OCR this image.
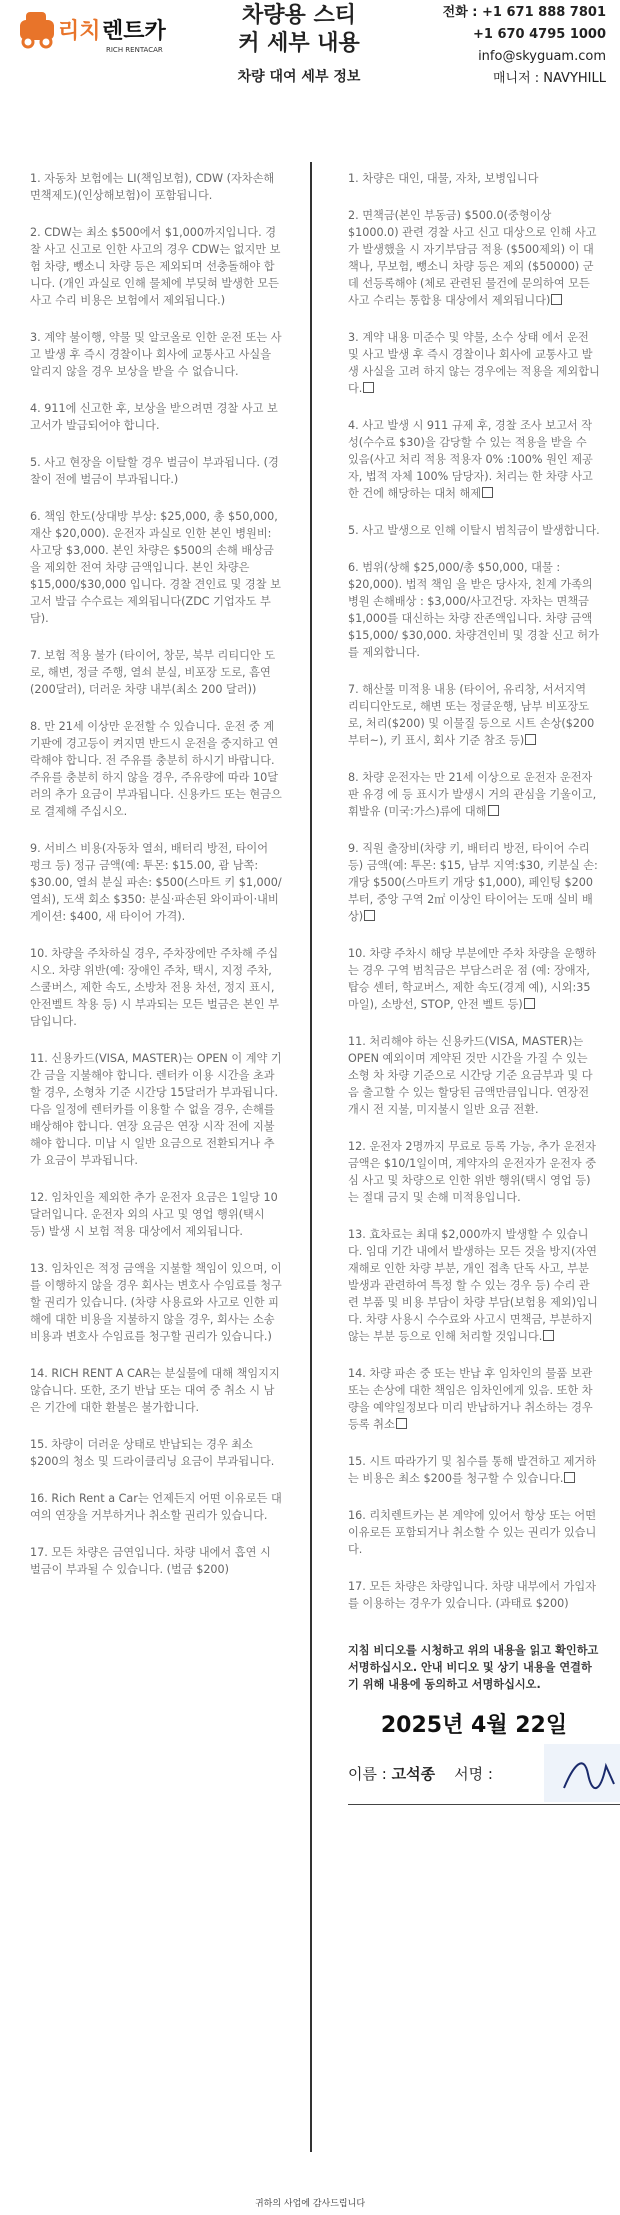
리치 렌트카
RICH RENTACAR
차량용 스티커 세부 내용
차량 대여 세부 정보
전화 : +1 671 888 7801
+1 670 4795 1000
info@skyguam.com
매니저 : NAVYHILL
1. 자동차 보험에는 LI(책임보험), CDW (자차손해면책제도)(인상해보험)이 포함됩니다.
2. CDW는 최소 $500에서 $1,000까지입니다. 경찰 사고 신고로 인한 사고의 경우 CDW는 없지만 보험 차량, 뺑소니 차량 등은 제외되며 선충돌해야 합니다. (개인 과실로 인해 물체에 부딪혀 발생한 모든 사고 수리 비용은 보험에서 제외됩니다.)
3. 계약 불이행, 약물 및 알코올로 인한 운전 또는 사고 발생 후 즉시 경찰이나 회사에 교통사고 사실을 알리지 않을 경우 보상을 받을 수 없습니다.
4. 911에 신고한 후, 보상을 받으려면 경찰 사고 보고서가 발급되어야 합니다.
5. 사고 현장을 이탈할 경우 벌금이 부과됩니다. (경찰이 전에 벌금이 부과됩니다.)
6. 책임 한도(상대방 부상: $25,000, 총 $50,000, 재산 $20,000). 운전자 과실로 인한 본인 병원비: 사고당 $3,000. 본인 차량은 $500의 손해 배상금을 제외한 전여 차량 금액입니다. 본인 차량은 $15,000/$30,000 입니다. 경찰 견인료 및 경찰 보고서 발급 수수료는 제외됩니다(ZDC 기업자도 부담).
7. 보험 적용 불가 (타이어, 창문, 북부 리티디안 도로, 해변, 정글 주행, 열쇠 분실, 비포장 도로, 흠연(200달러), 더러운 차량 내부(최소 200 달러))
8. 만 21세 이상만 운전할 수 있습니다. 운전 중 계기판에 경고등이 켜지면 반드시 운전을 중지하고 연락해야 합니다. 전 주유를 충분히 하시기 바랍니다. 주유를 충분히 하지 않을 경우, 주유량에 따라 10달러의 추가 요금이 부과됩니다. 신용카드 또는 현금으로 결제해 주십시오.
9. 서비스 비용(자동차 열쇠, 배터리 방전, 타이어 펑크 등) 정규 금액(예: 투몬: $15.00, 괌 남쪽: $30.00, 열쇠 분실 파손: $500(스마트 키 $1,000/열쇠), 도색 회소 $350: 분실·파손된 와이파이·내비게이션: $400, 새 타이어 가격).
10. 차량을 주차하실 경우, 주차장에만 주차해 주십시오. 차량 위반(예: 장애인 주차, 택시, 지정 주차, 스쿨버스, 제한 속도, 소방차 전용 차선, 정지 표시, 안전벨트 착용 등) 시 부과되는 모든 벌금은 본인 부담입니다.
11. 신용카드(VISA, MASTER)는 OPEN 이 계약 기간 금을 지불해야 합니다. 렌터카 이용 시간을 초과할 경우, 소형차 기준 시간당 15달러가 부과됩니다. 다음 일정에 렌터카를 이용할 수 없을 경우, 손해를 배상해야 합니다. 연장 요금은 연장 시작 전에 지불해야 합니다. 미납 시 일반 요금으로 전환되거나 추가 요금이 부과됩니다.
12. 임차인을 제외한 추가 운전자 요금은 1일당 10달러입니다. 운전자 외의 사고 및 영업 행위(택시 등) 발생 시 보험 적용 대상에서 제외됩니다.
13. 임차인은 적정 금액을 지불할 책임이 있으며, 이를 이행하지 않을 경우 회사는 변호사 수임료를 청구할 권리가 있습니다. (차량 사용료와 사고로 인한 피해에 대한 비용을 지불하지 않을 경우, 회사는 소송 비용과 변호사 수임료를 청구할 권리가 있습니다.)
14. RICH RENT A CAR는 분실물에 대해 책임지지 않습니다. 또한, 조기 반납 또는 대여 중 취소 시 남은 기간에 대한 환불은 불가합니다.
15. 차량이 더러운 상태로 반납되는 경우 최소 $200의 청소 및 드라이클리닝 요금이 부과됩니다.
16. Rich Rent a Car는 언제든지 어떤 이유로든 대여의 연장을 거부하거나 취소할 권리가 있습니다.
17. 모든 차량은 금연입니다. 차량 내에서 흡연 시 벌금이 부과될 수 있습니다. (벌금 $200)
1. 차량은 대인, 대물, 자차, 보병입니다
2. 면책금(본인 부동금) $500.0(중형이상 $1000.0) 관련 경찰 사고 신고 대상으로 인해 사고가 발생했을 시 자기부담금 적용 ($500제외) 이 대책나, 무보험, 뺑소니 차량 등은 제외 ($50000) 군데 선등록해야 (체로 관련된 물건에 문의하여 모든 사고 수리는 통합용 대상에서 제외됩니다)
3. 계약 내용 미준수 및 약물, 소수 상태 에서 운전 및 사고 발생 후 즉시 경찰이나 회사에 교통사고 발생 사실을 고려 하지 않는 경우에는 적용을 제외합니다.
4. 사고 발생 시 911 규제 후, 경찰 조사 보고서 작성(수수료 $30)을 감당할 수 있는 적용을 받을 수 있음(사고 처리 적용 적용자 0% :100% 원인 제공자, 법적 자체 100% 담당자). 처리는 한 차량 사고 한 건에 해당하는 대처 해제
5. 사고 발생으로 인해 이탈시 범칙금이 발생합니다.
6. 범위(상해 $25,000/총 $50,000, 대물 : $20,000). 법적 책임 을 받은 당사자, 친계 가족의 병원 손해배상 : $3,000/사고건당. 자차는 면책금 $1,000를 대신하는 차량 잔존액입니다. 차량 금액 $15,000/ $30,000. 차량견인비 및 경찰 신고 허가를 제외합니다.
7. 해산물 미적용 내용 (타이어, 유리창, 서서지역 리티디안도로, 해변 또는 정글운행, 남부 비포장도로, 처리($200) 및 이물질 등으로 시트 손상($200부터~), 키 표시, 회사 기준 참조 등)
8. 차량 운전자는 만 21세 이상으로 운전자 운전자 판 유경 에 등 표시가 발생시 거의 관심을 기울이고, 휘발유 (미국:가스)류에 대해
9. 직원 출장비(차량 키, 배터리 방전, 타이어 수리 등) 금액(예: 투몬: $15, 남부 지역:$30, 키분실 손: 개당 $500(스마트키 개당 $1,000), 페인팅 $200부터, 중앙 구역 2㎡ 이상인 타이어는 도매 실비 배상)
10. 차량 주차시 해당 부분에만 주차 차량을 운행하는 경우 구역 범칙금은 부담스러운 점 (예: 장애자, 탑승 센터, 학교버스, 제한 속도(경계 예), 시외:35마일), 소방선, STOP, 안전 벨트 등)
11. 처리해야 하는 신용카드(VISA, MASTER)는OPEN 예외이며 계약된 것만 시간을 가질 수 있는 소형 차 차량 기준으로 시간당 기준 요금부과 및 다음 출고할 수 있는 할당된 금액만큼입니다. 연장전 개시 전 지불, 미지불시 일반 요금 전환.
12. 운전자 2명까지 무료로 등록 가능, 추가 운전자 금액은 $10/1일이며, 계약자의 운전자가 운전자 중심 사고 및 차량으로 인한 위반 행위(택시 영업 등)는 절대 금지 및 손해 미적용입니다.
13. 효차료는 최대 $2,000까지 발생할 수 있습니다. 임대 기간 내에서 발생하는 모든 것을 방지(자연재해로 인한 차량 부분, 개인 접촉 단독 사고, 부분 발생과 관련하여 특정 할 수 있는 경우 등) 수리 관련 부품 및 비용 부담이 차량 부담(보험용 제외)입니다. 차량 사용시 수수료와 사고시 면책금, 부분하지 않는 부분 등으로 인해 처리할 것입니다.
14. 차량 파손 중 또는 반납 후 임차인의 물품 보관 또는 손상에 대한 책임은 임차인에게 있음. 또한 차량을 예약일정보다 미리 반납하거나 취소하는 경우 등록 취소
15. 시트 따라가기 및 침수를 통해 발견하고 제거하는 비용은 최소 $200를 청구할 수 있습니다.
16. 리치렌트카는 본 계약에 있어서 항상 또는 어떤 이유로든 포함되거나 취소할 수 있는 권리가 있습니다.
17. 모든 차량은 차량입니다. 차량 내부에서 가입자를 이용하는 경우가 있습니다. (과태료 $200)
지침 비디오를 시청하고 위의 내용을 읽고 확인하고 서명하십시오. 안내 비디오 및 상기 내용을 연결하기 위해 내용에 동의하고 서명하십시오.
2025년 4월 22일
이름 : 고석종 서명 :
귀하의 사업에 감사드립니다
